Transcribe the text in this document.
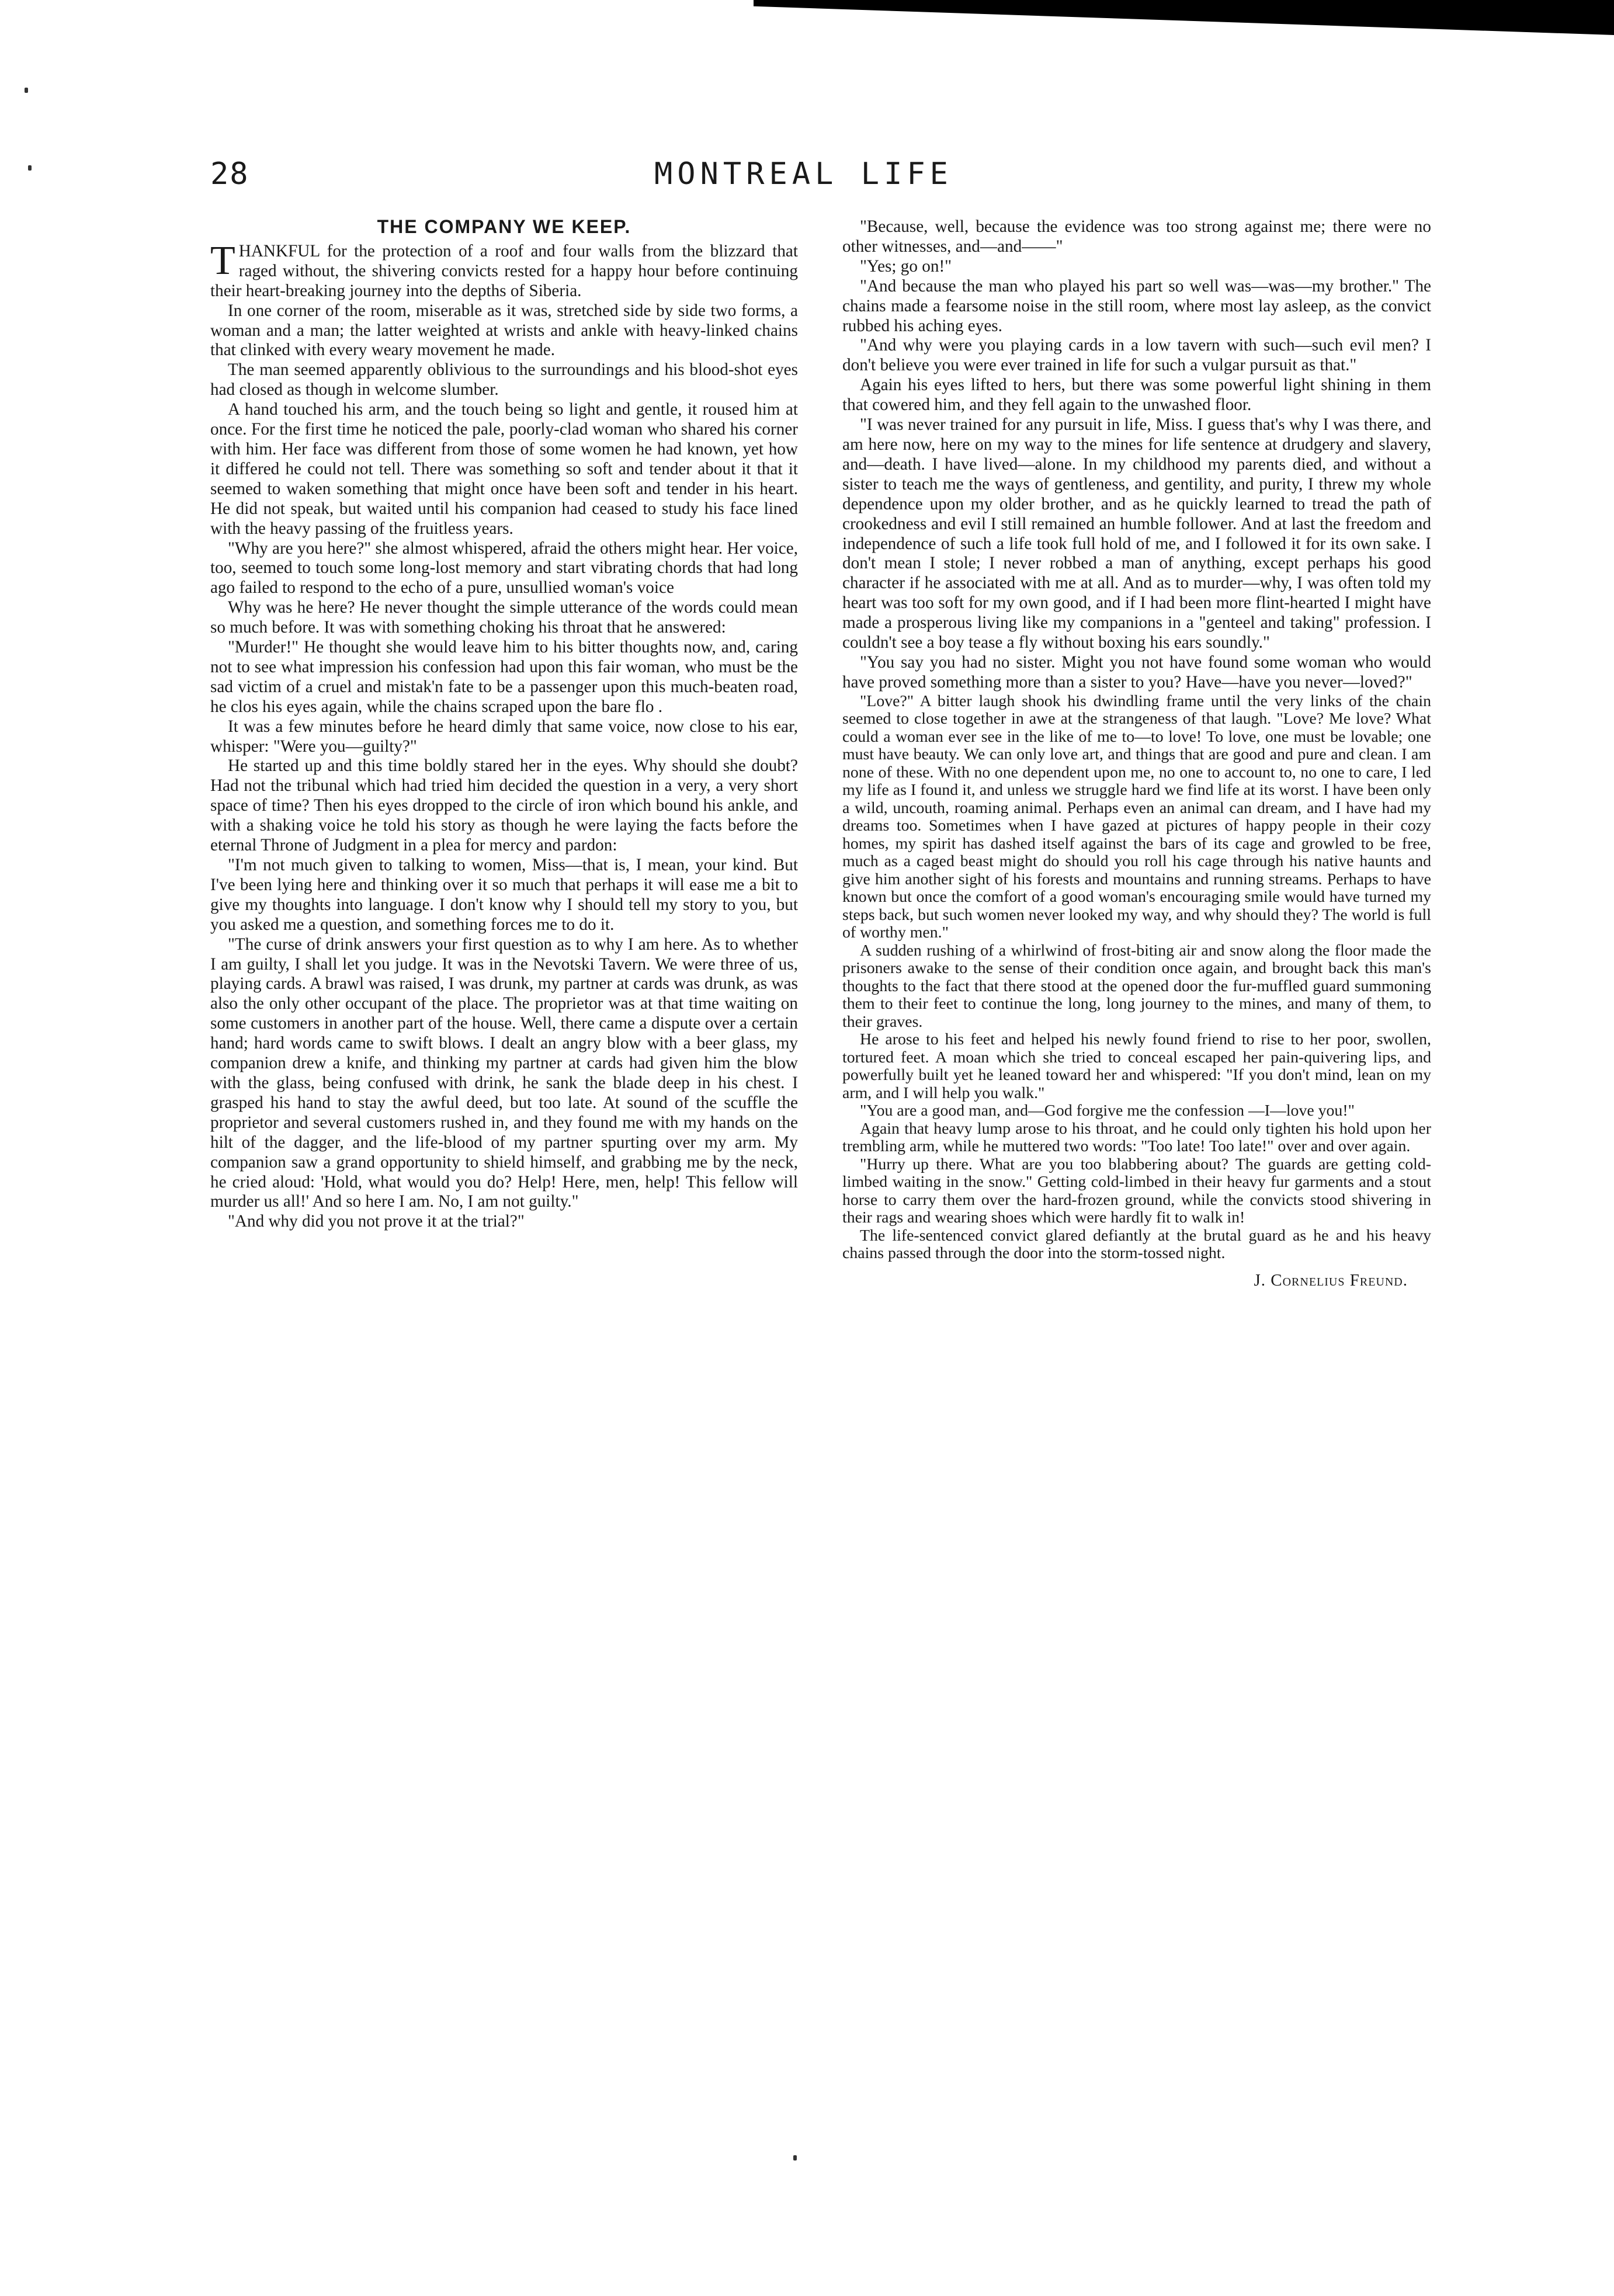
28	MONTREAL LIFE
THE COMPANY WE KEEP.

THANKFUL for the protection of a roof and four walls from the blizzard that raged without, the shivering convicts rested for a happy hour before continuing their heart-breaking journey into the depths of Siberia.

In one corner of the room, miserable as it was, stretched side by side two forms, a woman and a man; the latter weighted at wrists and ankle with heavy-linked chains that clinked with every weary movement he made.

The man seemed apparently oblivious to the surroundings and his blood-shot eyes had closed as though in welcome slumber.

A hand touched his arm, and the touch being so light and gentle, it roused him at once. For the first time he noticed the pale, poorly-clad woman who shared his corner with him. Her face was different from those of some women he had known, yet how it differed he could not tell. There was something so soft and tender about it that it seemed to waken something that might once have been soft and tender in his heart. He did not speak, but waited until his companion had ceased to study his face lined with the heavy passing of the fruitless years.

"Why are you here?" she almost whispered, afraid the others might hear. Her voice, too, seemed to touch some long-lost memory and start vibrating chords that had long ago failed to respond to the echo of a pure, unsullied woman's voice

Why was he here? He never thought the simple utterance of the words could mean so much before. It was with something choking his throat that he answered:

"Murder!" He thought she would leave him to his bitter thoughts now, and, caring not to see what impression his confession had upon this fair woman, who must be the sad victim of a cruel and mistak'n fate to be a passenger upon this much-beaten road, he clos his eyes again, while the chains scraped upon the bare flo .

It was a few minutes before he heard dimly that same voice, now close to his ear, whisper: "Were you—guilty?"

He started up and this time boldly stared her in the eyes. Why should she doubt? Had not the tribunal which had tried him decided the question in a very, a very short space of time? Then his eyes dropped to the circle of iron which bound his ankle, and with a shaking voice he told his story as though he were laying the facts before the eternal Throne of Judgment in a plea for mercy and pardon:

"I'm not much given to talking to women, Miss—that is, I mean, your kind. But I've been lying here and thinking over it so much that perhaps it will ease me a bit to give my thoughts into language. I don't know why I should tell my story to you, but you asked me a question, and something forces me to do it.

"The curse of drink answers your first question as to why I am here. As to whether I am guilty, I shall let you judge. It was in the Nevotski Tavern. We were three of us, playing cards. A brawl was raised, I was drunk, my partner at cards was drunk, as was also the only other occupant of the place. The proprietor was at that time waiting on some customers in another part of the house. Well, there came a dispute over a certain hand; hard words came to swift blows. I dealt an angry blow with a beer glass, my companion drew a knife, and thinking my partner at cards had given him the blow with the glass, being confused with drink, he sank the blade deep in his chest. I grasped his hand to stay the awful deed, but too late. At sound of the scuffle the proprietor and several customers rushed in, and they found me with my hands on the hilt of the dagger, and the life-blood of my partner spurting over my arm. My companion saw a grand opportunity to shield himself, and grabbing me by the neck, he cried aloud: 'Hold, what would you do? Help! Here, men, help! This fellow will murder us all!' And so here I am. No, I am not guilty."

"And why did you not prove it at the trial?"

"Because, well, because the evidence was too strong against me; there were no other witnesses, and—and——"

"Yes; go on!"

"And because the man who played his part so well was—was—my brother." The chains made a fearsome noise in the still room, where most lay asleep, as the convict rubbed his aching eyes.

"And why were you playing cards in a low tavern with such—such evil men? I don't believe you were ever trained in life for such a vulgar pursuit as that."

Again his eyes lifted to hers, but there was some powerful light shining in them that cowered him, and they fell again to the unwashed floor.

"I was never trained for any pursuit in life, Miss. I guess that's why I was there, and am here now, here on my way to the mines for life sentence at drudgery and slavery, and—death. I have lived—alone. In my childhood my parents died, and without a sister to teach me the ways of gentleness, and gentility, and purity, I threw my whole dependence upon my older brother, and as he quickly learned to tread the path of crookedness and evil I still remained an humble follower. And at last the freedom and independence of such a life took full hold of me, and I followed it for its own sake. I don't mean I stole; I never robbed a man of anything, except perhaps his good character if he associated with me at all. And as to murder—why, I was often told my heart was too soft for my own good, and if I had been more flint-hearted I might have made a prosperous living like my companions in a "genteel and taking" profession. I couldn't see a boy tease a fly without boxing his ears soundly."

"You say you had no sister. Might you not have found some woman who would have proved something more than a sister to you? Have—have you never—loved?"

"Love?" A bitter laugh shook his dwindling frame until the very links of the chain seemed to close together in awe at the strangeness of that laugh. "Love? Me love? What could a woman ever see in the like of me to—to love! To love, one must be lovable; one must have beauty. We can only love art, and things that are good and pure and clean. I am none of these. With no one dependent upon me, no one to account to, no one to care, I led my life as I found it, and unless we struggle hard we find life at its worst. I have been only a wild, uncouth, roaming animal. Perhaps even an animal can dream, and I have had my dreams too. Sometimes when I have gazed at pictures of happy people in their cozy homes, my spirit has dashed itself against the bars of its cage and growled to be free, much as a caged beast might do should you roll his cage through his native haunts and give him another sight of his forests and mountains and running streams. Perhaps to have known but once the comfort of a good woman's encouraging smile would have turned my steps back, but such women never looked my way, and why should they? The world is full of worthy men."

A sudden rushing of a whirlwind of frost-biting air and snow along the floor made the prisoners awake to the sense of their condition once again, and brought back this man's thoughts to the fact that there stood at the opened door the fur-muffled guard summoning them to their feet to continue the long, long journey to the mines, and many of them, to their graves.

He arose to his feet and helped his newly found friend to rise to her poor, swollen, tortured feet. A moan which she tried to conceal escaped her pain-quivering lips, and powerfully built yet he leaned toward her and whispered: "If you don't mind, lean on my arm, and I will help you walk."

"You are a good man, and—God forgive me the confession —I—love you!"

Again that heavy lump arose to his throat, and he could only tighten his hold upon her trembling arm, while he muttered two words: "Too late! Too late!" over and over again.

"Hurry up there. What are you too blabbering about? The guards are getting cold-limbed waiting in the snow." Getting cold-limbed in their heavy fur garments and a stout horse to carry them over the hard-frozen ground, while the convicts stood shivering in their rags and wearing shoes which were hardly fit to walk in!

The life-sentenced convict glared defiantly at the brutal guard as he and his heavy chains passed through the door into the storm-tossed night.

J. Cornelius Freund.
